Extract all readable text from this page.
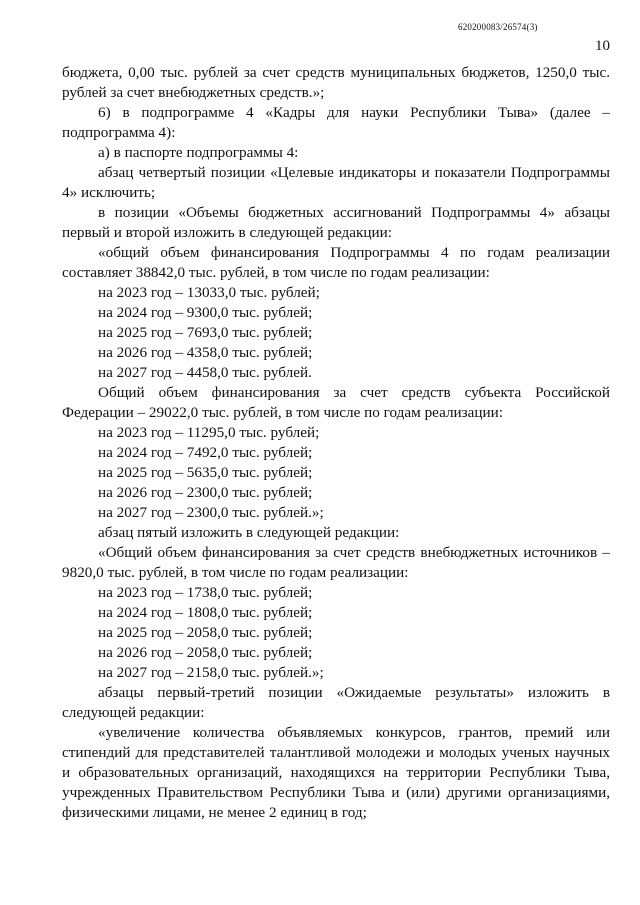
620200083/26574(3)
10

бюджета, 0,00 тыс. рублей за счет средств муниципальных бюджетов, 1250,0 тыс. рублей за счет внебюджетных средств.»;

6) в подпрограмме 4 «Кадры для науки Республики Тыва» (далее – подпрограмма 4):

а) в паспорте подпрограммы 4:

абзац четвертый позиции «Целевые индикаторы и показатели Подпрограммы 4» исключить;

в позиции «Объемы бюджетных ассигнований Подпрограммы 4» абзацы первый и второй изложить в следующей редакции:

«общий объем финансирования Подпрограммы 4 по годам реализации составляет 38842,0 тыс. рублей, в том числе по годам реализации:

на 2023 год – 13033,0 тыс. рублей;

на 2024 год – 9300,0 тыс. рублей;

на 2025 год – 7693,0 тыс. рублей;

на 2026 год – 4358,0 тыс. рублей;

на 2027 год – 4458,0 тыс. рублей.

Общий объем финансирования за счет средств субъекта Российской Федерации – 29022,0 тыс. рублей, в том числе по годам реализации:

на 2023 год – 11295,0 тыс. рублей;

на 2024 год – 7492,0 тыс. рублей;

на 2025 год – 5635,0 тыс. рублей;

на 2026 год – 2300,0 тыс. рублей;

на 2027 год – 2300,0 тыс. рублей.»;

абзац пятый изложить в следующей редакции:

«Общий объем финансирования за счет средств внебюджетных источников – 9820,0 тыс. рублей, в том числе по годам реализации:

на 2023 год – 1738,0 тыс. рублей;

на 2024 год – 1808,0 тыс. рублей;

на 2025 год – 2058,0 тыс. рублей;

на 2026 год – 2058,0 тыс. рублей;

на 2027 год – 2158,0 тыс. рублей.»;

абзацы первый-третий позиции «Ожидаемые результаты» изложить в следующей редакции:

«увеличение количества объявляемых конкурсов, грантов, премий или стипендий для представителей талантливой молодежи и молодых ученых научных и образовательных организаций, находящихся на территории Республики Тыва, учрежденных Правительством Республики Тыва и (или) другими организациями, физическими лицами, не менее 2 единиц в год;
